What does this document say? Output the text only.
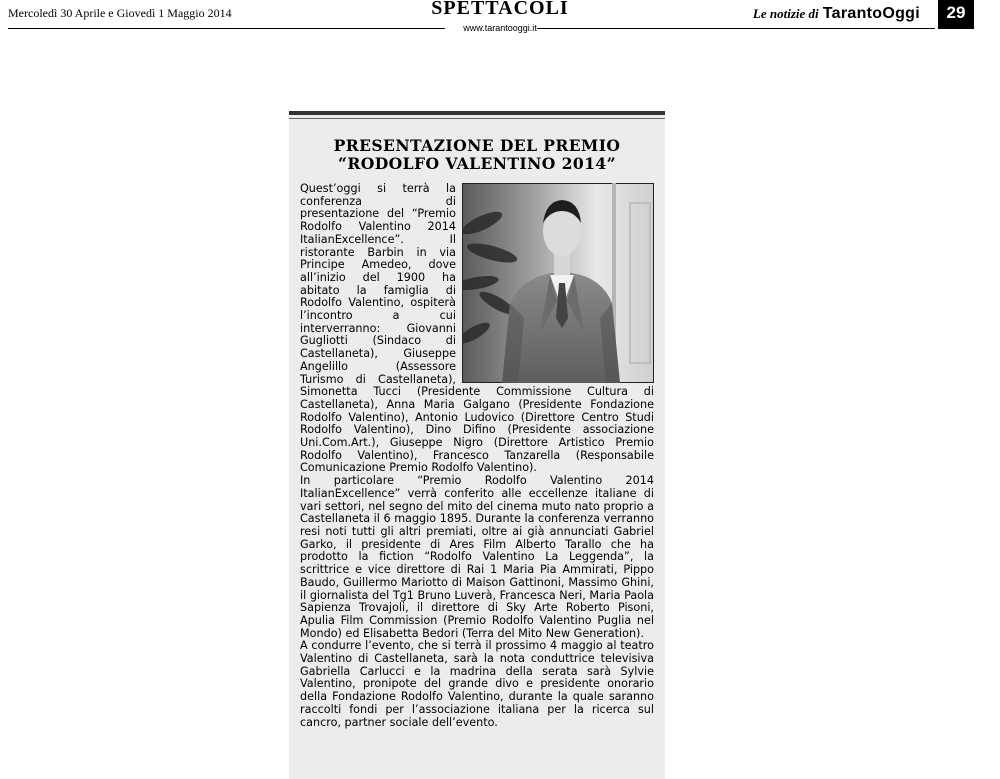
Mercoledì 30 Aprile e Giovedì 1 Maggio 2014	SPETTACOLI
www.tarantooggi.it
Le notizie di TarantoOggi	29
PRESENTAZIONE DEL PREMIO
“RODOLFO VALENTINO 2014”

Quest’oggi si terrà la conferenza di presentazione del “Premio Rodolfo Valentino 2014 ItalianExcellence”. Il ristorante Barbin in via Principe Amedeo, dove all’inizio del 1900 ha abitato la famiglia di Rodolfo Valentino, ospiterà l’incontro a cui interverranno: Giovanni Gugliotti (Sindaco di Castellaneta), Giuseppe Angelillo (Assessore Turismo di Castellaneta), Simonetta Tucci (Presidente Commissione Cultura di Castellaneta), Anna Maria Galgano (Presidente Fondazione Rodolfo Valentino), Antonio Ludovico (Direttore Centro Studi Rodolfo Valentino), Dino Difino (Presidente associazione Uni.Com.Art.), Giuseppe Nigro (Direttore Artistico Premio Rodolfo Valentino), Francesco Tanzarella (Responsabile Comunicazione Premio Rodolfo Valentino).

In particolare “Premio Rodolfo Valentino 2014 ItalianExcellence” verrà conferito alle eccellenze italiane di vari settori, nel segno del mito del cinema muto nato proprio a Castellaneta il 6 maggio 1895. Durante la conferenza verranno resi noti tutti gli altri premiati, oltre ai già annunciati Gabriel Garko, il presidente di Ares Film Alberto Tarallo che ha prodotto la fiction “Rodolfo Valentino La Leggenda”, la scrittrice e vice direttore di Rai 1 Maria Pia Ammirati, Pippo Baudo, Guillermo Mariotto di Maison Gattinoni, Massimo Ghini, il giornalista del Tg1 Bruno Luverà, Francesca Neri, Maria Paola Sapienza Trovajoli, il direttore di Sky Arte Roberto Pisoni, Apulia Film Commission (Premio Rodolfo Valentino Puglia nel Mondo) ed Elisabetta Bedori (Terra del Mito New Generation).

A condurre l’evento, che si terrà il prossimo 4 maggio al teatro Valentino di Castellaneta, sarà la nota conduttrice televisiva Gabriella Carlucci e la madrina della serata sarà Sylvie Valentino, pronipote del grande divo e presidente onorario della Fondazione Rodolfo Valentino, durante la quale saranno raccolti fondi per l’associazione italiana per la ricerca sul cancro, partner sociale dell’evento.
